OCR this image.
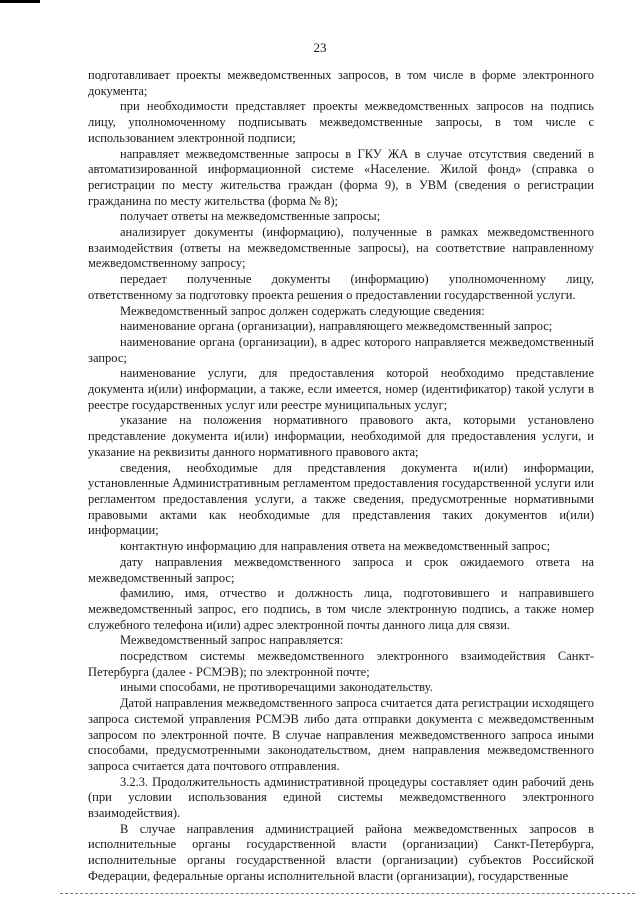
23

подготавливает проекты межведомственных запросов, в том числе в форме электронного документа;

при необходимости представляет проекты межведомственных запросов на подпись лицу, уполномоченному подписывать межведомственные запросы, в том числе с использованием электронной подписи;

направляет межведомственные запросы в ГКУ ЖА в случае отсутствия сведений в автоматизированной информационной системе «Население. Жилой фонд» (справка о регистрации по месту жительства граждан (форма 9), в УВМ (сведения о регистрации гражданина по месту жительства (форма № 8);

получает ответы на межведомственные запросы;

анализирует документы (информацию), полученные в рамках межведомственного взаимодействия (ответы на межведомственные запросы), на соответствие направленному межведомственному запросу;

передает полученные документы (информацию) уполномоченному лицу, ответственному за подготовку проекта решения о предоставлении государственной услуги.

Межведомственный запрос должен содержать следующие сведения:

наименование органа (организации), направляющего межведомственный запрос;

наименование органа (организации), в адрес которого направляется межведомственный запрос;

наименование услуги, для предоставления которой необходимо представление документа и(или) информации, а также, если имеется, номер (идентификатор) такой услуги в реестре государственных услуг или реестре муниципальных услуг;

указание на положения нормативного правового акта, которыми установлено представление документа и(или) информации, необходимой для предоставления услуги, и указание на реквизиты данного нормативного правового акта;

сведения, необходимые для представления документа и(или) информации, установленные Административным регламентом предоставления государственной услуги или регламентом предоставления услуги, а также сведения, предусмотренные нормативными правовыми актами как необходимые для представления таких документов и(или) информации;

контактную информацию для направления ответа на межведомственный запрос;

дату направления межведомственного запроса и срок ожидаемого ответа на межведомственный запрос;

фамилию, имя, отчество и должность лица, подготовившего и направившего межведомственный запрос, его подпись, в том числе электронную подпись, а также номер служебного телефона и(или) адрес электронной почты данного лица для связи.

Межведомственный запрос направляется:

посредством системы межведомственного электронного взаимодействия Санкт-Петербурга (далее - РСМЭВ); по электронной почте;

иными способами, не противоречащими законодательству.

Датой направления межведомственного запроса считается дата регистрации исходящего запроса системой управления РСМЭВ либо дата отправки документа с межведомственным запросом по электронной почте. В случае направления межведомственного запроса иными способами, предусмотренными законодательством, днем направления межведомственного запроса считается дата почтового отправления.

3.2.3. Продолжительность административной процедуры составляет один рабочий день (при условии использования единой системы межведомственного электронного взаимодействия).

В случае направления администрацией района межведомственных запросов в исполнительные органы государственной власти (организации) Санкт-Петербурга, исполнительные органы государственной власти (организации) субъектов Российской Федерации, федеральные органы исполнительной власти (организации), государственные
